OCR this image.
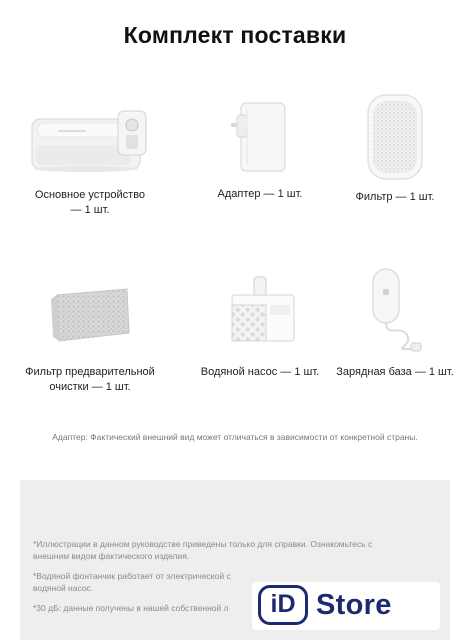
Комплект поставки
Основное устройство
— 1 шт.
Адаптер — 1 шт.	Фильтр — 1 шт.
Фильтр предварительной
очистки — 1 шт.
Водяной насос — 1 шт.	Зарядная база — 1 шт.
Адаптер: Фактический внешний вид может отличаться в зависимости от конкретной страны.
*Иллюстрации в данном руководстве приведены только для справки. Ознакомьтесь с
внешним видом фактического изделия.
*Водяной фонтанчик работает от электрической с
водяной насос.
*30 дБ: данные получены в нашей собственной л	iD Store
